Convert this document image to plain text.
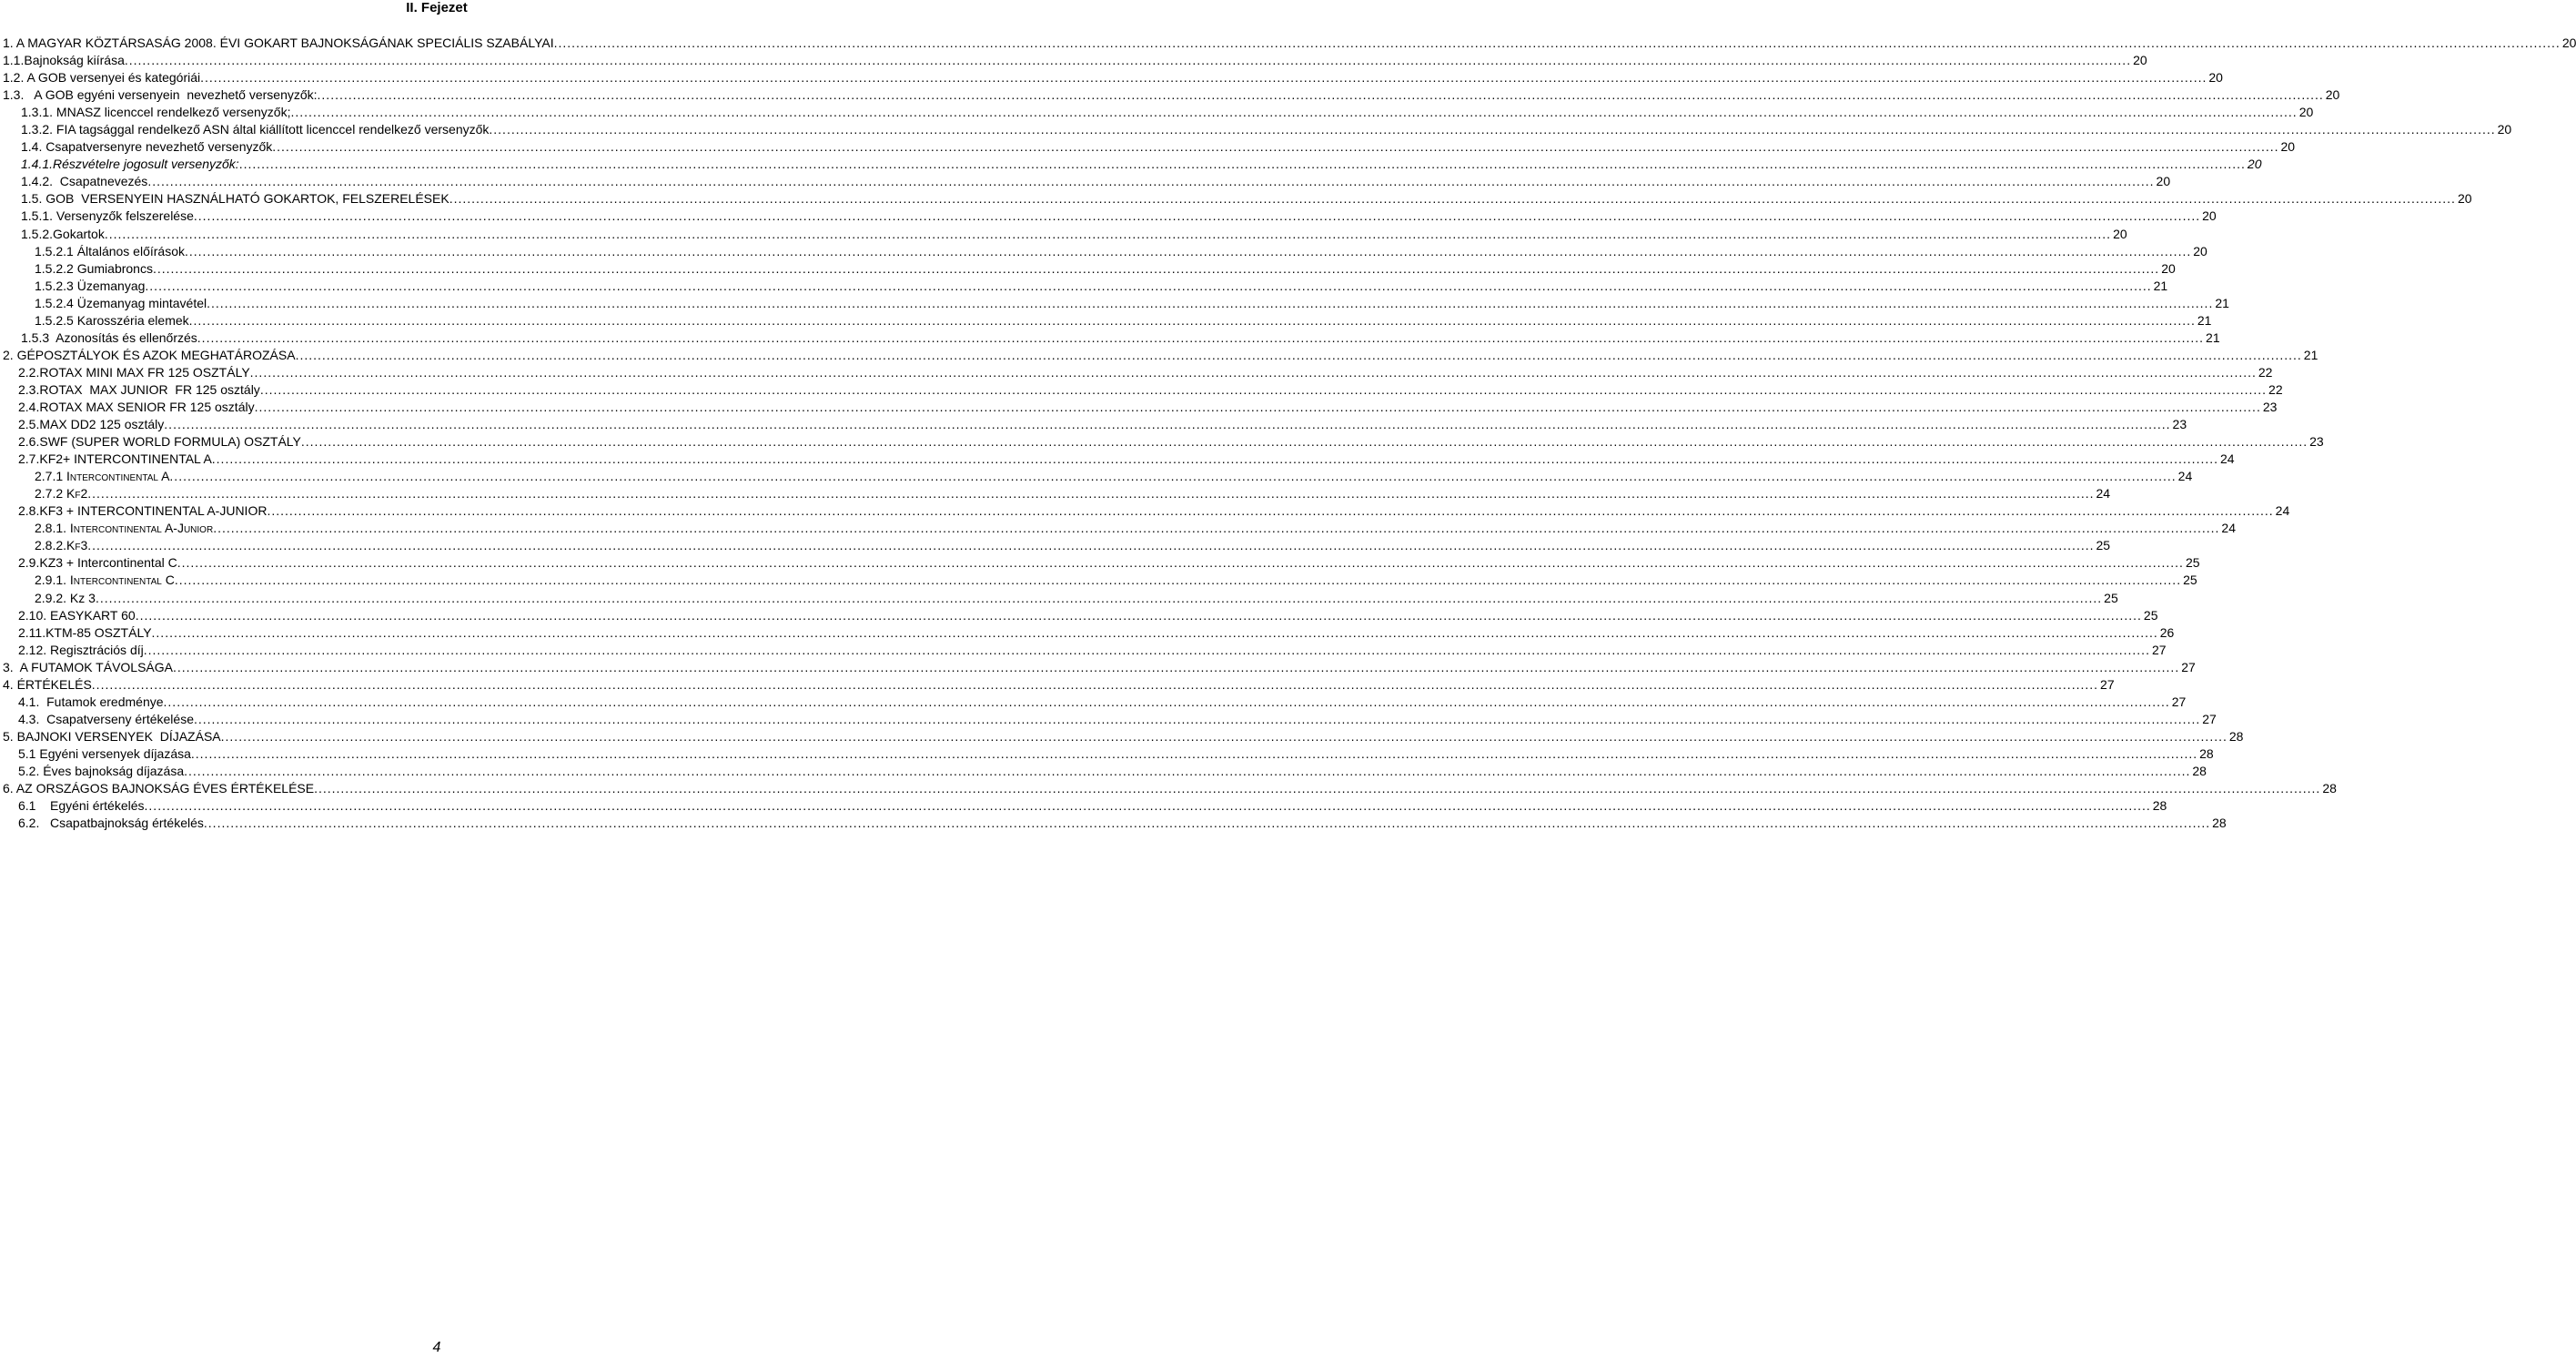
II. Fejezet
1. A MAGYAR KÖZTÁRSASÁG 2008. ÉVI GOKART BAJNOKSÁGÁNAK SPECIÁLIS SZABÁLYAI ................................................................................................................................................................................................................................................................................................................................................................................................................................................................... 20
1.1.Bajnokság kiírása ................................................................................................................................................................................................................................................................................................................................................................................................................................................................... 20
1.2. A GOB versenyei és kategóriái ................................................................................................................................................................................................................................................................................................................................................................................................................................................................... 20
1.3.   A GOB egyéni versenyein  nevezhető versenyzők: ................................................................................................................................................................................................................................................................................................................................................................................................................................................................... 20
1.3.1. MNASZ licenccel rendelkező versenyzők; ................................................................................................................................................................................................................................................................................................................................................................................................................................................................... 20
1.3.2. FIA tagsággal rendelkező ASN által kiállított licenccel rendelkező versenyzők ................................................................................................................................................................................................................................................................................................................................................................................................................................................................... 20
1.4. Csapatversenyre nevezhető versenyzők ................................................................................................................................................................................................................................................................................................................................................................................................................................................................... 20
1.4.1.Részvételre jogosult versenyzők: ................................................................................................................................................................................................................................................................................................................................................................................................................................................................... 20
1.4.2.  Csapatnevezés ................................................................................................................................................................................................................................................................................................................................................................................................................................................................... 20
1.5. GOB  VERSENYEIN HASZNÁLHATÓ GOKARTOK, FELSZERELÉSEK ................................................................................................................................................................................................................................................................................................................................................................................................................................................................... 20
1.5.1. Versenyzők felszerelése ................................................................................................................................................................................................................................................................................................................................................................................................................................................................... 20
1.5.2.Gokartok ................................................................................................................................................................................................................................................................................................................................................................................................................................................................... 20
1.5.2.1 Általános előírások ................................................................................................................................................................................................................................................................................................................................................................................................................................................................... 20
1.5.2.2 Gumiabroncs ................................................................................................................................................................................................................................................................................................................................................................................................................................................................... 20
1.5.2.3 Üzemanyag ................................................................................................................................................................................................................................................................................................................................................................................................................................................................... 21
1.5.2.4 Üzemanyag mintavétel ................................................................................................................................................................................................................................................................................................................................................................................................................................................................... 21
1.5.2.5 Karosszéria elemek ................................................................................................................................................................................................................................................................................................................................................................................................................................................................... 21
1.5.3  Azonosítás és ellenőrzés ................................................................................................................................................................................................................................................................................................................................................................................................................................................................... 21
2. GÉPOSZTÁLYOK ÉS AZOK MEGHATÁROZÁSA ................................................................................................................................................................................................................................................................................................................................................................................................................................................................... 21
2.2.ROTAX MINI MAX FR 125 OSZTÁLY ................................................................................................................................................................................................................................................................................................................................................................................................................................................................... 22
2.3.ROTAX  MAX JUNIOR  FR 125 osztály ................................................................................................................................................................................................................................................................................................................................................................................................................................................................... 22
2.4.ROTAX MAX SENIOR FR 125 osztály ................................................................................................................................................................................................................................................................................................................................................................................................................................................................... 23
2.5.MAX DD2 125 osztály ................................................................................................................................................................................................................................................................................................................................................................................................................................................................... 23
2.6.SWF (SUPER WORLD FORMULA) OSZTÁLY ................................................................................................................................................................................................................................................................................................................................................................................................................................................................... 23
2.7.KF2+ INTERCONTINENTAL A ................................................................................................................................................................................................................................................................................................................................................................................................................................................................... 24
2.7.1 Intercontinental A ................................................................................................................................................................................................................................................................................................................................................................................................................................................................... 24
2.7.2 Kf2 ................................................................................................................................................................................................................................................................................................................................................................................................................................................................... 24
2.8.KF3 + INTERCONTINENTAL A-JUNIOR ................................................................................................................................................................................................................................................................................................................................................................................................................................................................... 24
2.8.1. Intercontinental A-Junior ................................................................................................................................................................................................................................................................................................................................................................................................................................................................... 24
2.8.2.Kf3 ................................................................................................................................................................................................................................................................................................................................................................................................................................................................... 25
2.9.KZ3 + Intercontinental C ................................................................................................................................................................................................................................................................................................................................................................................................................................................................... 25
2.9.1. Intercontinental C ................................................................................................................................................................................................................................................................................................................................................................................................................................................................... 25
2.9.2. Kz 3 ................................................................................................................................................................................................................................................................................................................................................................................................................................................................... 25
2.10. EASYKART 60 ................................................................................................................................................................................................................................................................................................................................................................................................................................................................... 25
2.11.KTM-85 OSZTÁLY ................................................................................................................................................................................................................................................................................................................................................................................................................................................................... 26
2.12. Regisztrációs díj ................................................................................................................................................................................................................................................................................................................................................................................................................................................................... 27
3.  A FUTAMOK TÁVOLSÁGA ................................................................................................................................................................................................................................................................................................................................................................................................................................................................... 27
4. ÉRTÉKELÉS ................................................................................................................................................................................................................................................................................................................................................................................................................................................................... 27
4.1.  Futamok eredménye ................................................................................................................................................................................................................................................................................................................................................................................................................................................................... 27
4.3.  Csapatverseny értékelése ................................................................................................................................................................................................................................................................................................................................................................................................................................................................... 27
5. BAJNOKI VERSENYEK  DÍJAZÁSA ................................................................................................................................................................................................................................................................................................................................................................................................................................................................... 28
5.1 Egyéni versenyek díjazása ................................................................................................................................................................................................................................................................................................................................................................................................................................................................... 28
5.2. Éves bajnokság díjazása ................................................................................................................................................................................................................................................................................................................................................................................................................................................................... 28
6. AZ ORSZÁGOS BAJNOKSÁG ÉVES ÉRTÉKELÉSE ................................................................................................................................................................................................................................................................................................................................................................................................................................................................... 28
6.1    Egyéni értékelés ................................................................................................................................................................................................................................................................................................................................................................................................................................................................... 28
6.2.   Csapatbajnokság értékelés ................................................................................................................................................................................................................................................................................................................................................................................................................................................................... 28
4
